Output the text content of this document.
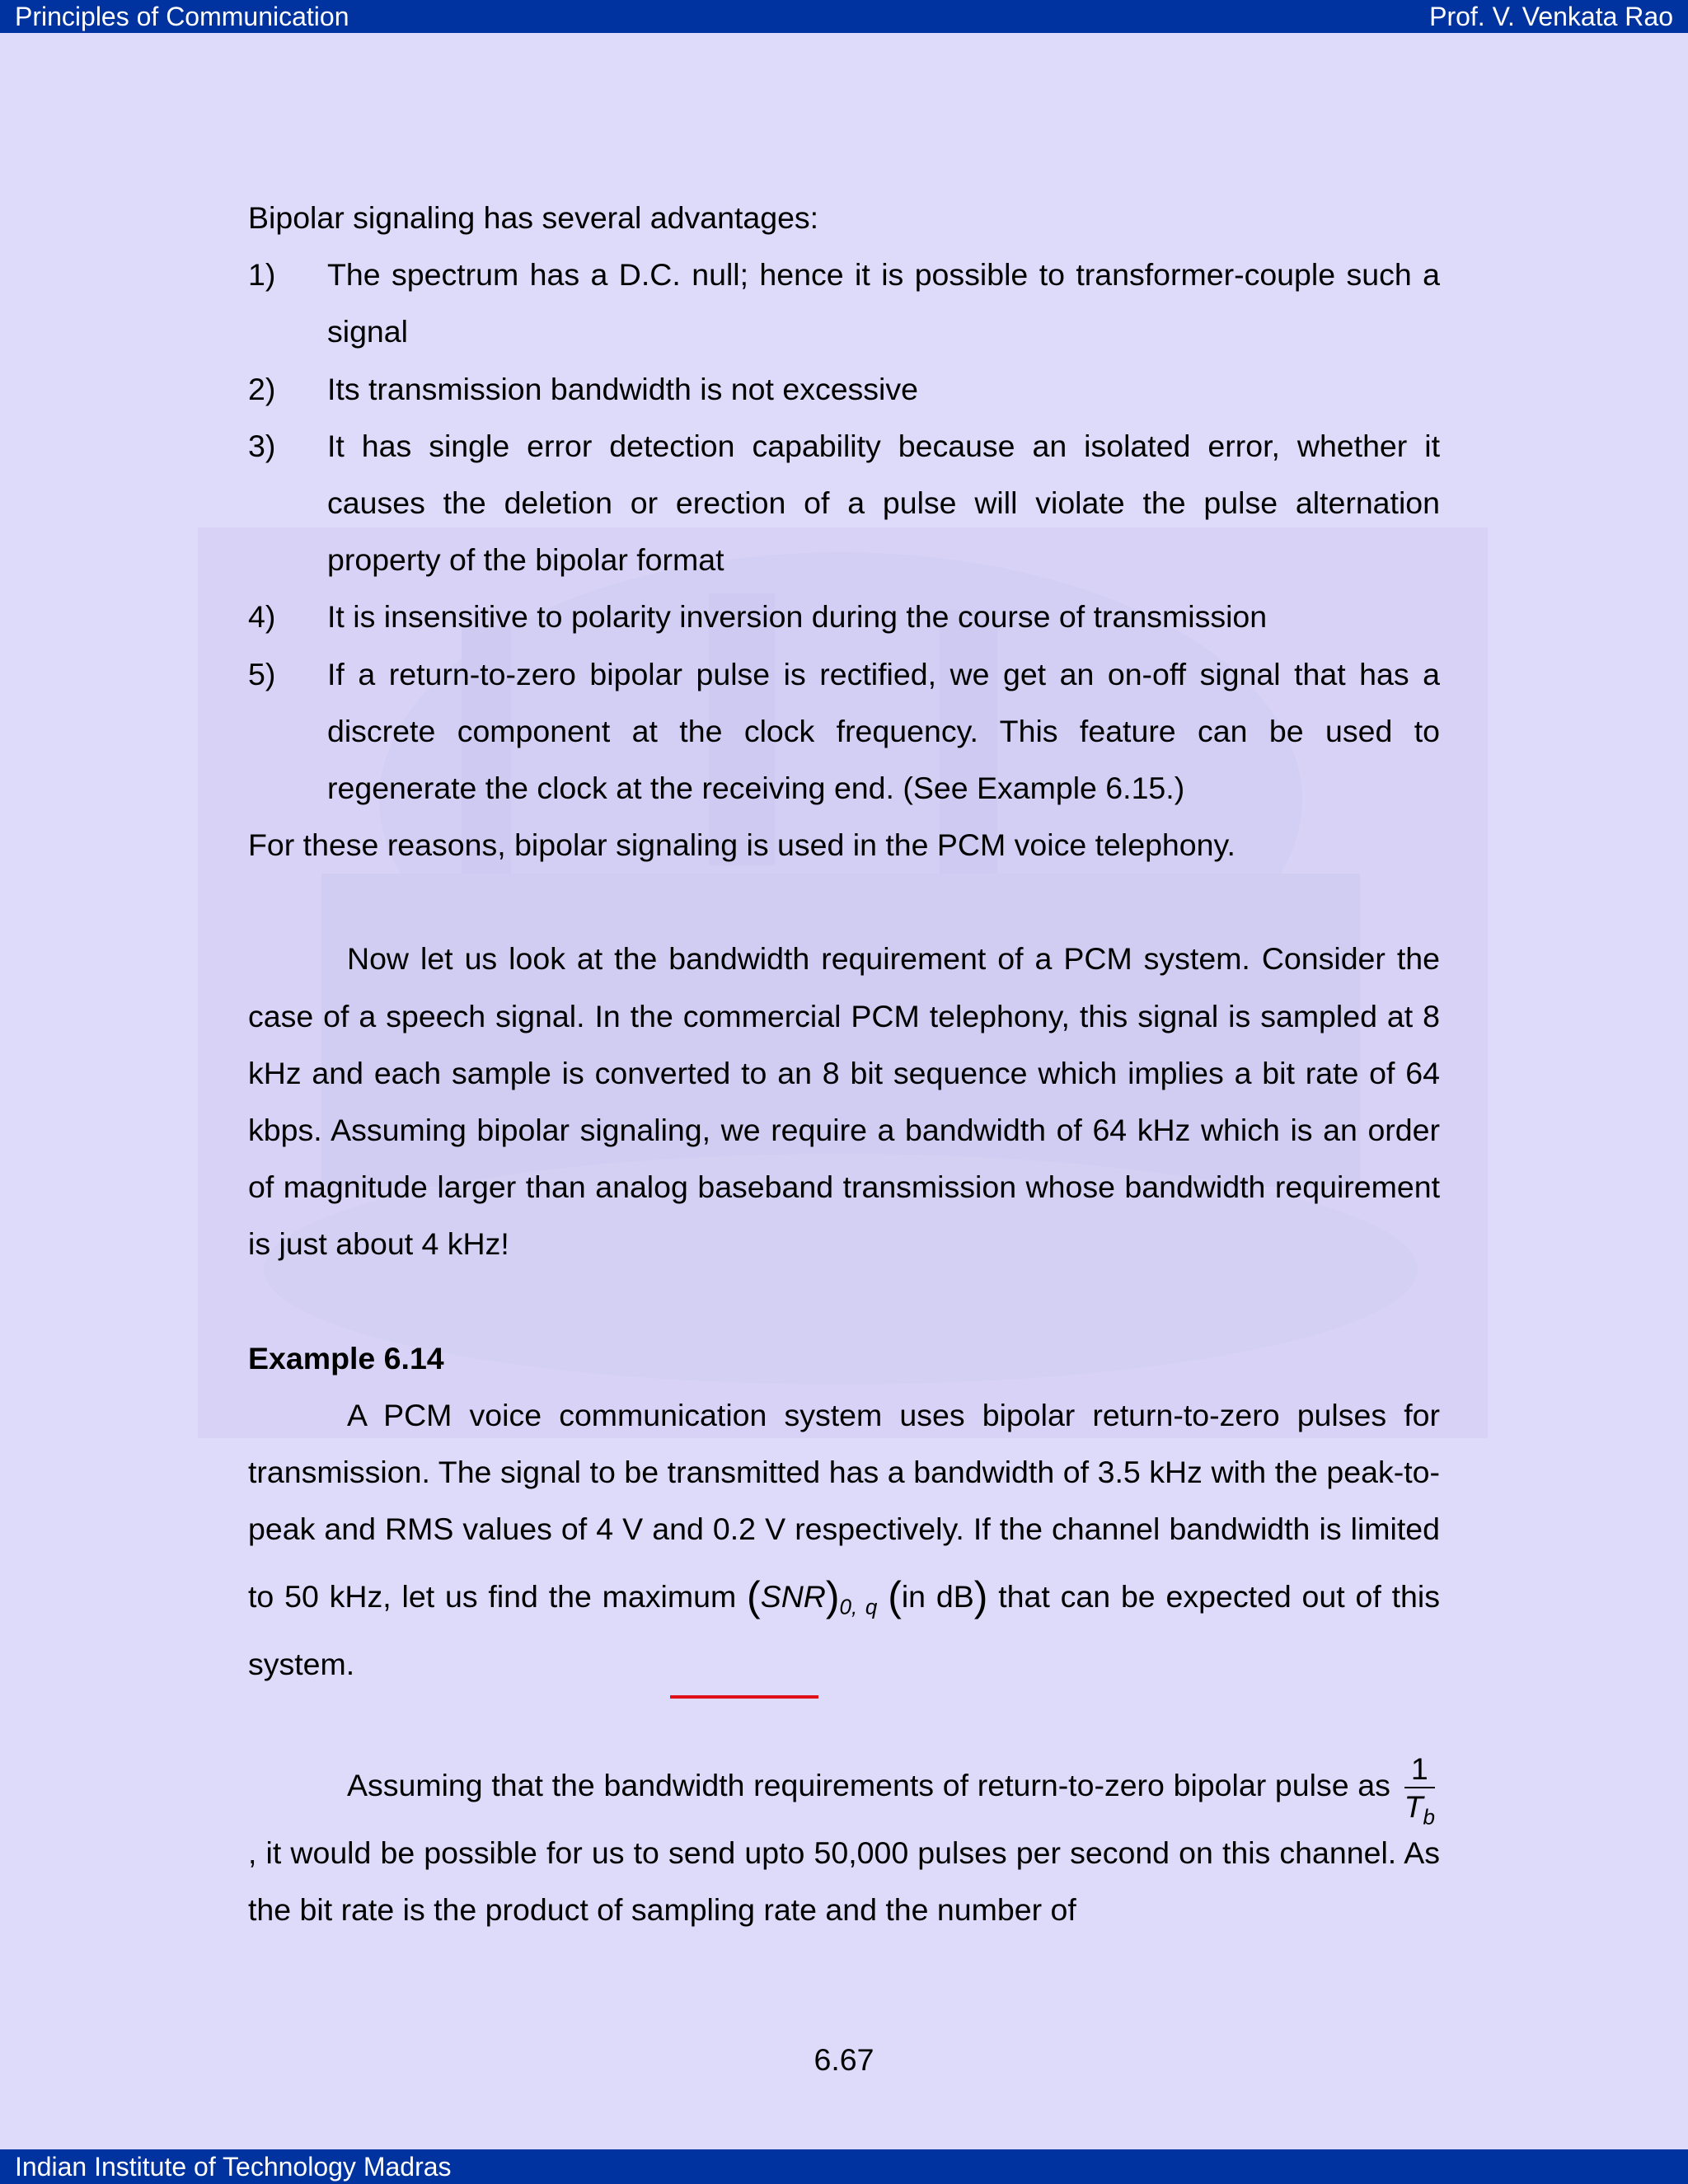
Principles of Communication	Prof. V. Venkata Rao

Bipolar signaling has several advantages:

1)	The spectrum has a D.C. null; hence it is possible to transformer-couple such a signal
2)	Its transmission bandwidth is not excessive
3)	It has single error detection capability because an isolated error, whether it causes the deletion or erection of a pulse will violate the pulse alternation property of the bipolar format
4)	It is insensitive to polarity inversion during the course of transmission
5)	If a return-to-zero bipolar pulse is rectified, we get an on-off signal that has a discrete component at the clock frequency. This feature can be used to regenerate the clock at the receiving end. (See Example 6.15.)

For these reasons, bipolar signaling is used in the PCM voice telephony.

Now let us look at the bandwidth requirement of a PCM system. Consider the case of a speech signal. In the commercial PCM telephony, this signal is sampled at 8 kHz and each sample is converted to an 8 bit sequence which implies a bit rate of 64 kbps. Assuming bipolar signaling, we require a bandwidth of 64 kHz which is an order of magnitude larger than analog baseband transmission whose bandwidth requirement is just about 4 kHz!

Example 6.14

A PCM voice communication system uses bipolar return-to-zero pulses for transmission. The signal to be transmitted has a bandwidth of 3.5 kHz with the peak-to-peak and RMS values of 4 V and 0.2 V respectively. If the channel bandwidth is limited to 50 kHz, let us find the maximum $(SNR)_{0, q}$ (in dB) that can be expected out of this system.

Assuming that the bandwidth requirements of return-to-zero bipolar pulse as $\frac{1}{T_b}$
, it would be possible for us to send upto 50,000 pulses per second on this channel. As the bit rate is the product of sampling rate and the number of

6.67
Indian Institute of Technology Madras
